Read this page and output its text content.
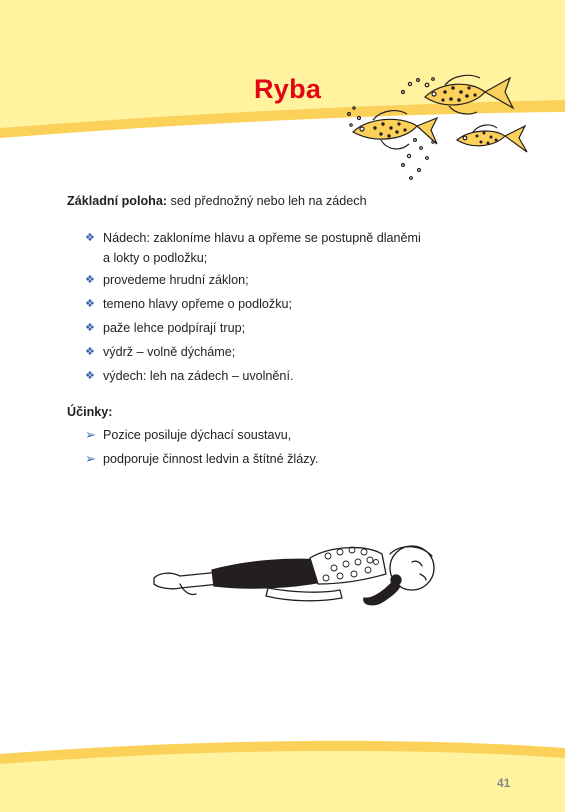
Ryba
Základní poloha: sed přednožný nebo leh na zádech
❖ Nádech: zakloníme hlavu a opřeme se postupně dlaněmi
a lokty o podložku;
❖ provedeme hrudní záklon;
❖ temeno hlavy opřeme o podložku;
❖ paže lehce podpírají trup;
❖ výdrž – volně dýcháme;
❖ výdech: leh na zádech – uvolnění.
Účinky:
➢ Pozice posiluje dýchací soustavu,
➢ podporuje činnost ledvin a štítné žlázy.
41
